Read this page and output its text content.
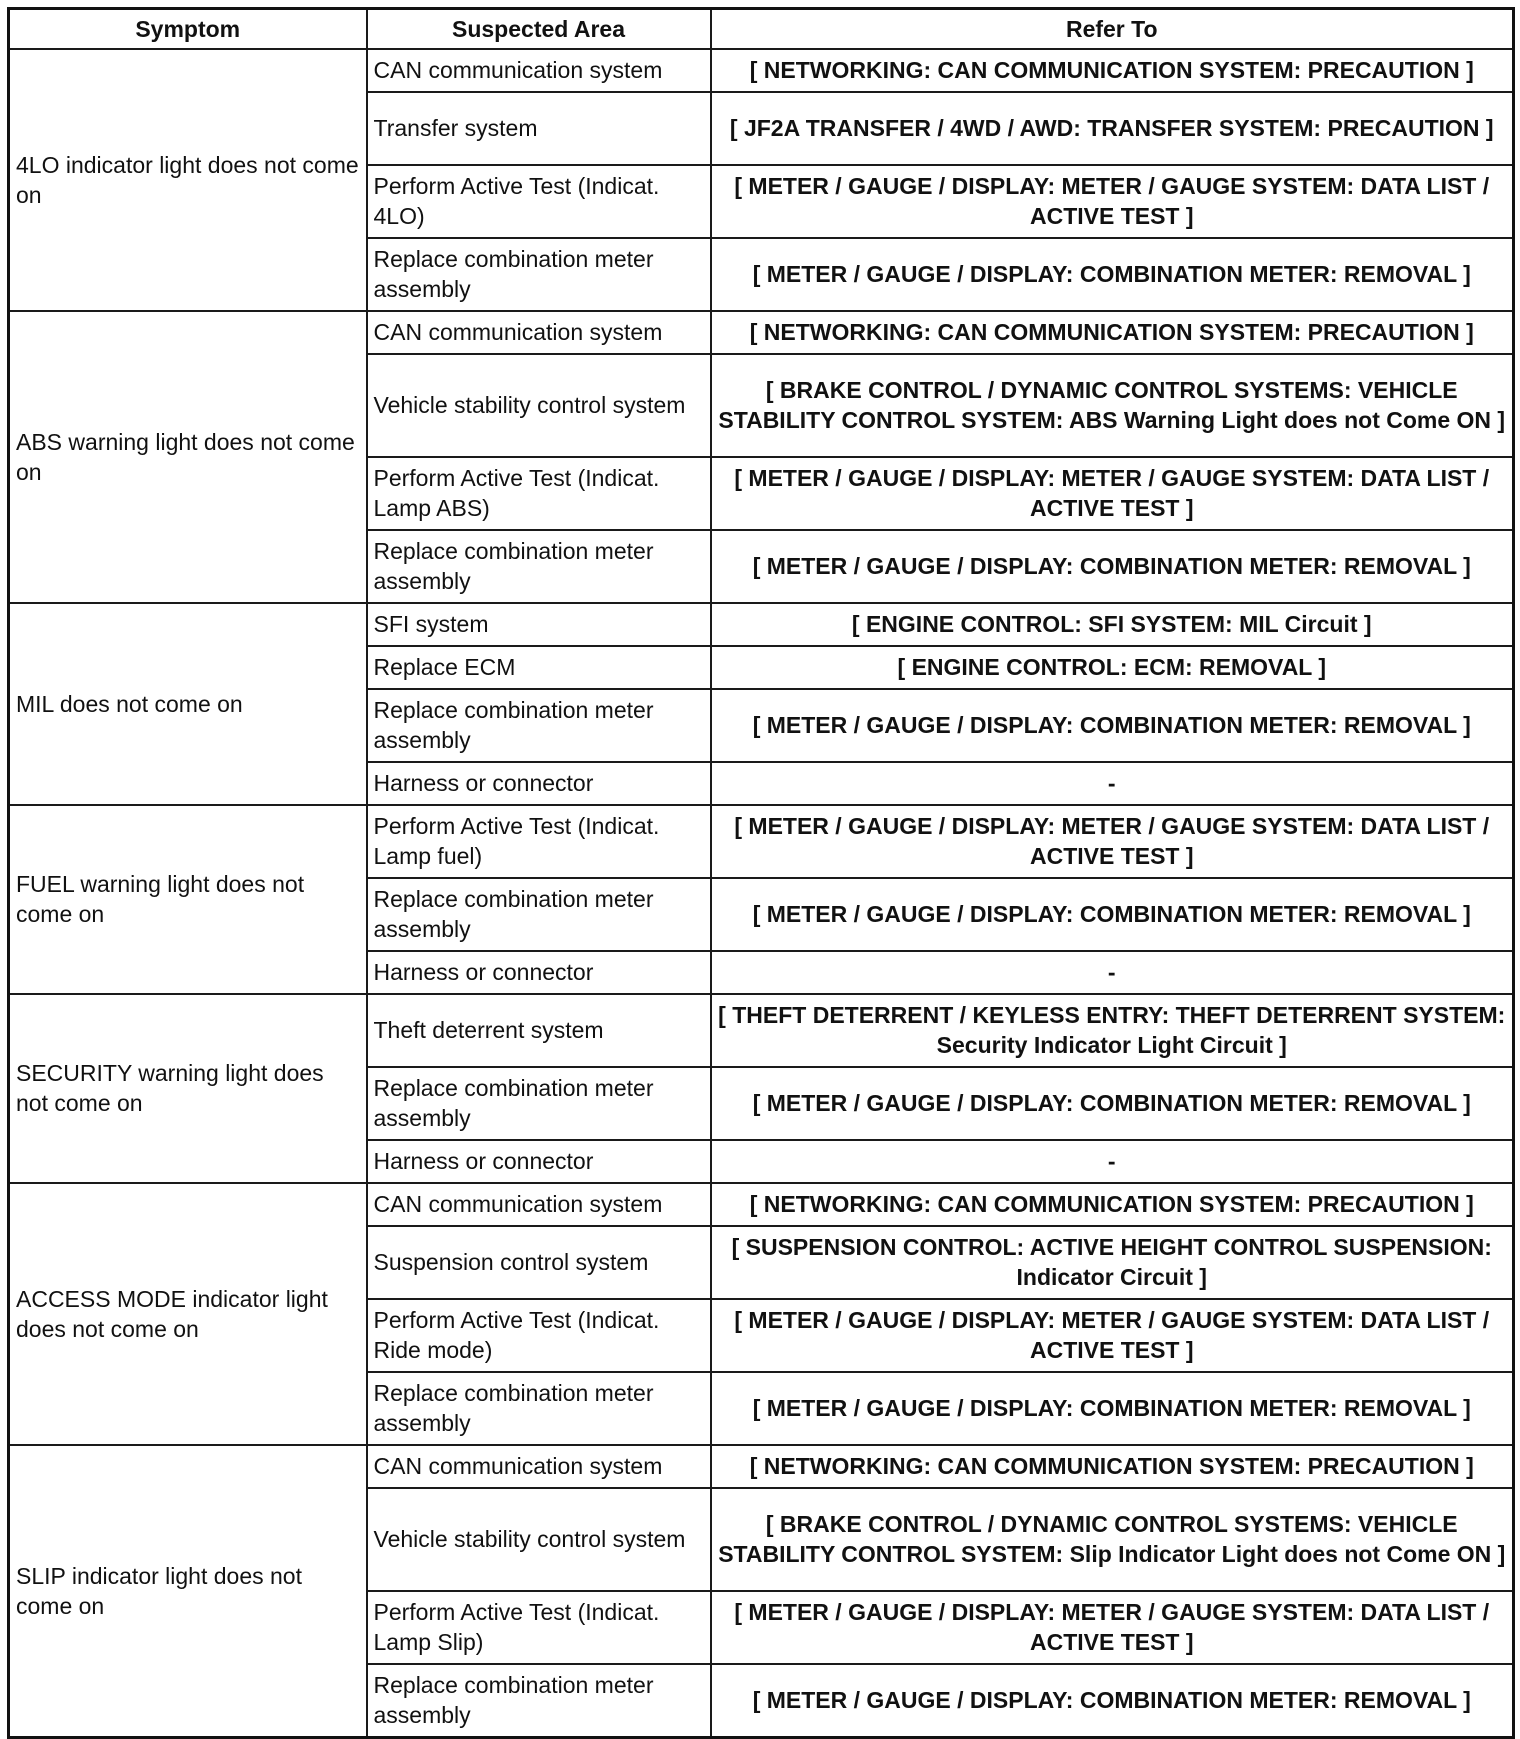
Symptom	Suspected Area	Refer To
4LO indicator light does not come on	CAN communication system	[ NETWORKING: CAN COMMUNICATION SYSTEM: PRECAUTION ]
	Transfer system	[ JF2A TRANSFER / 4WD / AWD: TRANSFER SYSTEM: PRECAUTION ]
	Perform Active Test (Indicat. 4LO)	[ METER / GAUGE / DISPLAY: METER / GAUGE SYSTEM: DATA LIST / ACTIVE TEST ]
	Replace combination meter assembly	[ METER / GAUGE / DISPLAY: COMBINATION METER: REMOVAL ]
ABS warning light does not come on	CAN communication system	[ NETWORKING: CAN COMMUNICATION SYSTEM: PRECAUTION ]
	Vehicle stability control system	[ BRAKE CONTROL / DYNAMIC CONTROL SYSTEMS: VEHICLE STABILITY CONTROL SYSTEM: ABS Warning Light does not Come ON ]
	Perform Active Test (Indicat. Lamp ABS)	[ METER / GAUGE / DISPLAY: METER / GAUGE SYSTEM: DATA LIST / ACTIVE TEST ]
	Replace combination meter assembly	[ METER / GAUGE / DISPLAY: COMBINATION METER: REMOVAL ]
MIL does not come on	SFI system	[ ENGINE CONTROL: SFI SYSTEM: MIL Circuit ]
	Replace ECM	[ ENGINE CONTROL: ECM: REMOVAL ]
	Replace combination meter assembly	[ METER / GAUGE / DISPLAY: COMBINATION METER: REMOVAL ]
	Harness or connector	-
FUEL warning light does not come on	Perform Active Test (Indicat. Lamp fuel)	[ METER / GAUGE / DISPLAY: METER / GAUGE SYSTEM: DATA LIST / ACTIVE TEST ]
	Replace combination meter assembly	[ METER / GAUGE / DISPLAY: COMBINATION METER: REMOVAL ]
	Harness or connector	-
SECURITY warning light does not come on	Theft deterrent system	[ THEFT DETERRENT / KEYLESS ENTRY: THEFT DETERRENT SYSTEM: Security Indicator Light Circuit ]
	Replace combination meter assembly	[ METER / GAUGE / DISPLAY: COMBINATION METER: REMOVAL ]
	Harness or connector	-
ACCESS MODE indicator light does not come on	CAN communication system	[ NETWORKING: CAN COMMUNICATION SYSTEM: PRECAUTION ]
	Suspension control system	[ SUSPENSION CONTROL: ACTIVE HEIGHT CONTROL SUSPENSION: Indicator Circuit ]
	Perform Active Test (Indicat. Ride mode)	[ METER / GAUGE / DISPLAY: METER / GAUGE SYSTEM: DATA LIST / ACTIVE TEST ]
	Replace combination meter assembly	[ METER / GAUGE / DISPLAY: COMBINATION METER: REMOVAL ]
SLIP indicator light does not come on	CAN communication system	[ NETWORKING: CAN COMMUNICATION SYSTEM: PRECAUTION ]
	Vehicle stability control system	[ BRAKE CONTROL / DYNAMIC CONTROL SYSTEMS: VEHICLE STABILITY CONTROL SYSTEM: Slip Indicator Light does not Come ON ]
	Perform Active Test (Indicat. Lamp Slip)	[ METER / GAUGE / DISPLAY: METER / GAUGE SYSTEM: DATA LIST / ACTIVE TEST ]
	Replace combination meter assembly	[ METER / GAUGE / DISPLAY: COMBINATION METER: REMOVAL ]
